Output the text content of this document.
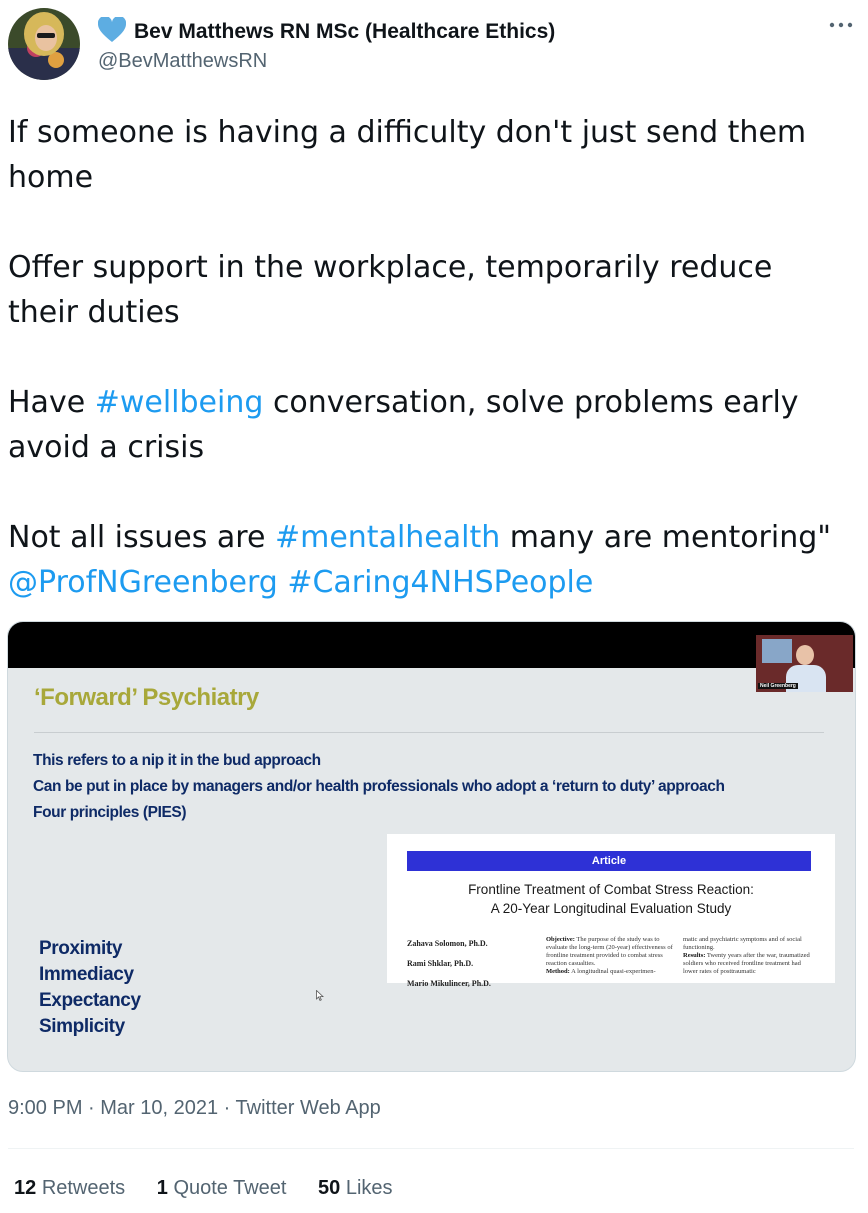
Bev Matthews RN MSc (Healthcare Ethics)
@BevMatthewsRN

If someone is having a difficulty don't just send them home

Offer support in the workplace, temporarily reduce their duties

Have #wellbeing conversation, solve problems early avoid a crisis

Not all issues are #mentalhealth many are mentoring" @ProfNGreenberg #Caring4NHSPeople

Neil Greenberg
‘Forward’ Psychiatry
This refers to a nip it in the bud approach
Can be put in place by managers and/or health professionals who adopt a ‘return to duty’ approach
Four principles (PIES)
Article
Frontline Treatment of Combat Stress Reaction:
A 20-Year Longitudinal Evaluation Study
Zahava Solomon, Ph.D.
Rami Shklar, Ph.D.
Mario Mikulincer, Ph.D.
Objective: The purpose of the study was to evaluate the long-term (20-year) effectiveness of frontline treatment provided to combat stress reaction casualties.
Method: A longitudinal quasi-experimen-
matic and psychiatric symptoms and of social functioning.
Results: Twenty years after the war, traumatized soldiers who received frontline treatment had lower rates of posttraumatic
Proximity
Immediacy
Expectancy
Simplicity
9:00 PM · Mar 10, 2021 · Twitter Web App
12 Retweets 1 Quote Tweet 50 Likes
